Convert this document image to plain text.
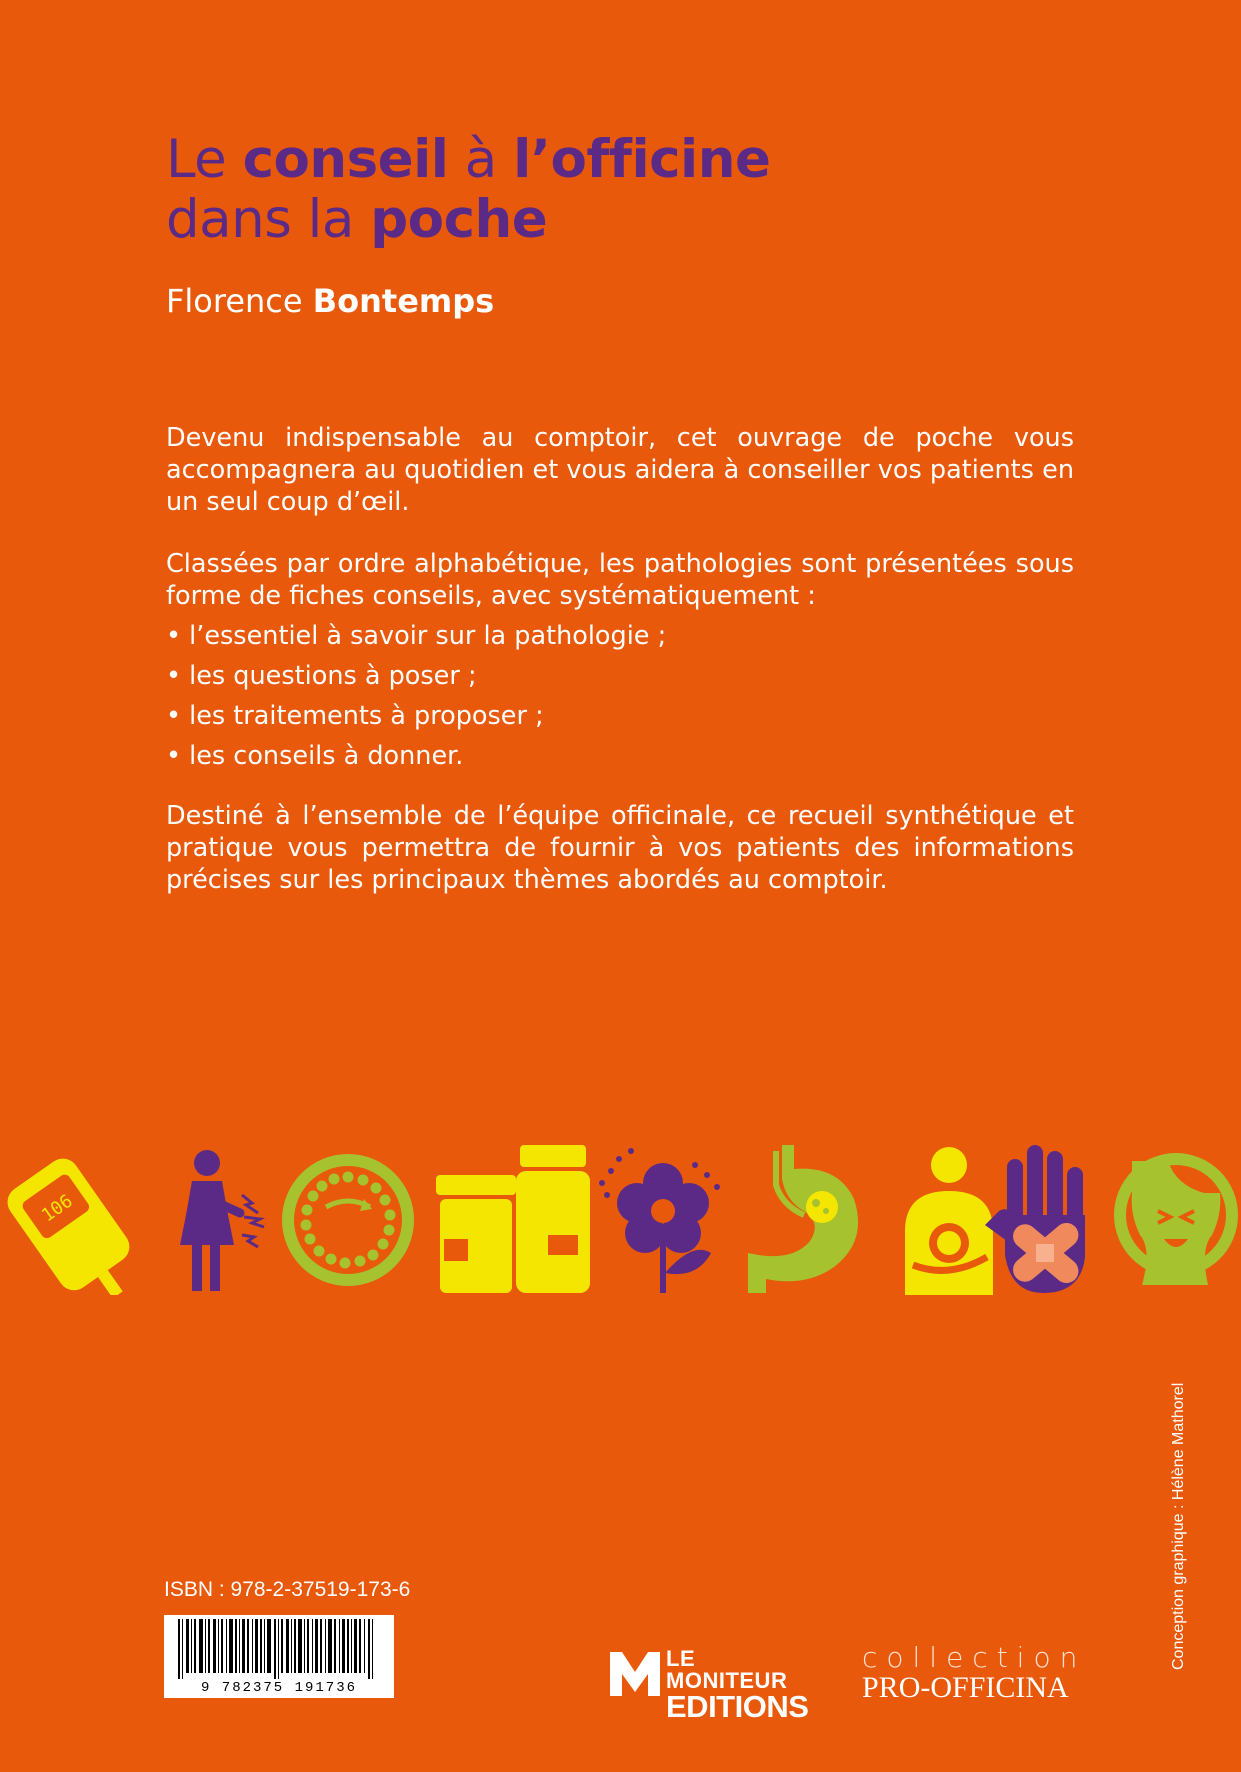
Le conseil à l’officine
dans la poche
Florence Bontemps

Devenu indispensable au comptoir, cet ouvrage de poche vous accompagnera au quotidien et vous aidera à conseiller vos patients en un seul coup d’œil.

Classées par ordre alphabétique, les pathologies sont présentées sous forme de fiches conseils, avec systématiquement :

• l’essentiel à savoir sur la pathologie ;
• les questions à poser ;
• les traitements à proposer ;
• les conseils à donner.

Destiné à l’ensemble de l’équipe officinale, ce recueil synthétique et pratique vous permettra de fournir à vos patients des informations précises sur les principaux thèmes abordés au comptoir.

106
Conception graphique : Hélène Mathorel
ISBN : 978-2-37519-173-6
9 782375 191736
LE MONITEUR
EDITIONS
collection
PRO-OFFICINA
